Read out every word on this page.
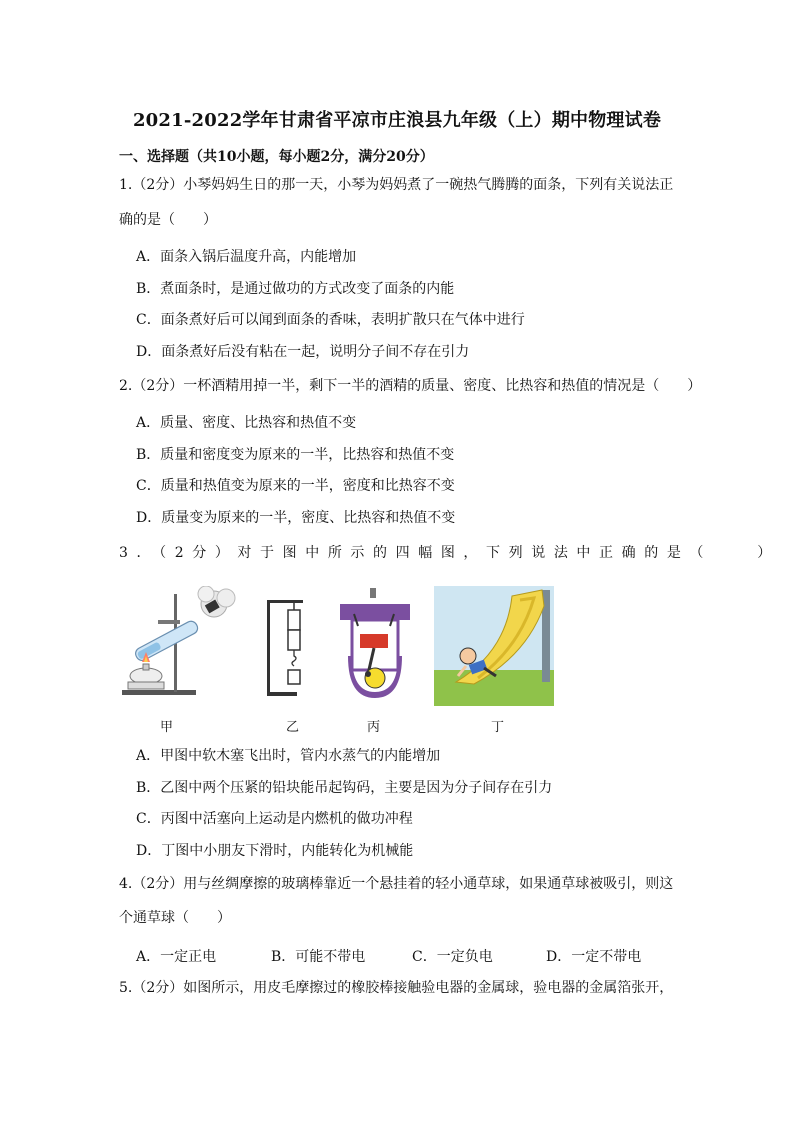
2021-2022学年甘肃省平凉市庄浪县九年级（上）期中物理试卷
一、选择题（共10小题，每小题2分，满分20分）
1.（2分）小琴妈妈生日的那一天，小琴为妈妈煮了一碗热气腾腾的面条，下列有关说法正
确的是（　　）
A．面条入锅后温度升高，内能增加
B．煮面条时，是通过做功的方式改变了面条的内能
C．面条煮好后可以闻到面条的香味，表明扩散只在气体中进行
D．面条煮好后没有粘在一起，说明分子间不存在引力
2.（2分）一杯酒精用掉一半，剩下一半的酒精的质量、密度、比热容和热值的情况是（　　）
A．质量、密度、比热容和热值不变
B．质量和密度变为原来的一半，比热容和热值不变
C．质量和热值变为原来的一半，密度和比热容不变
D．质量变为原来的一半，密度、比热容和热值不变
3．（2分）对于图中所示的四幅图，下列说法中正确的是（　　）
甲	乙	丙	丁
A．甲图中软木塞飞出时，管内水蒸气的内能增加
B．乙图中两个压紧的铅块能吊起钩码，主要是因为分子间存在引力
C．丙图中活塞向上运动是内燃机的做功冲程
D．丁图中小朋友下滑时，内能转化为机械能
4.（2分）用与丝绸摩擦的玻璃棒靠近一个悬挂着的轻小通草球，如果通草球被吸引，则这
个通草球（　　）
A．一定正电	B．可能不带电	C．一定负电	D．一定不带电
5.（2分）如图所示，用皮毛摩擦过的橡胶棒接触验电器的金属球，验电器的金属箔张开，
